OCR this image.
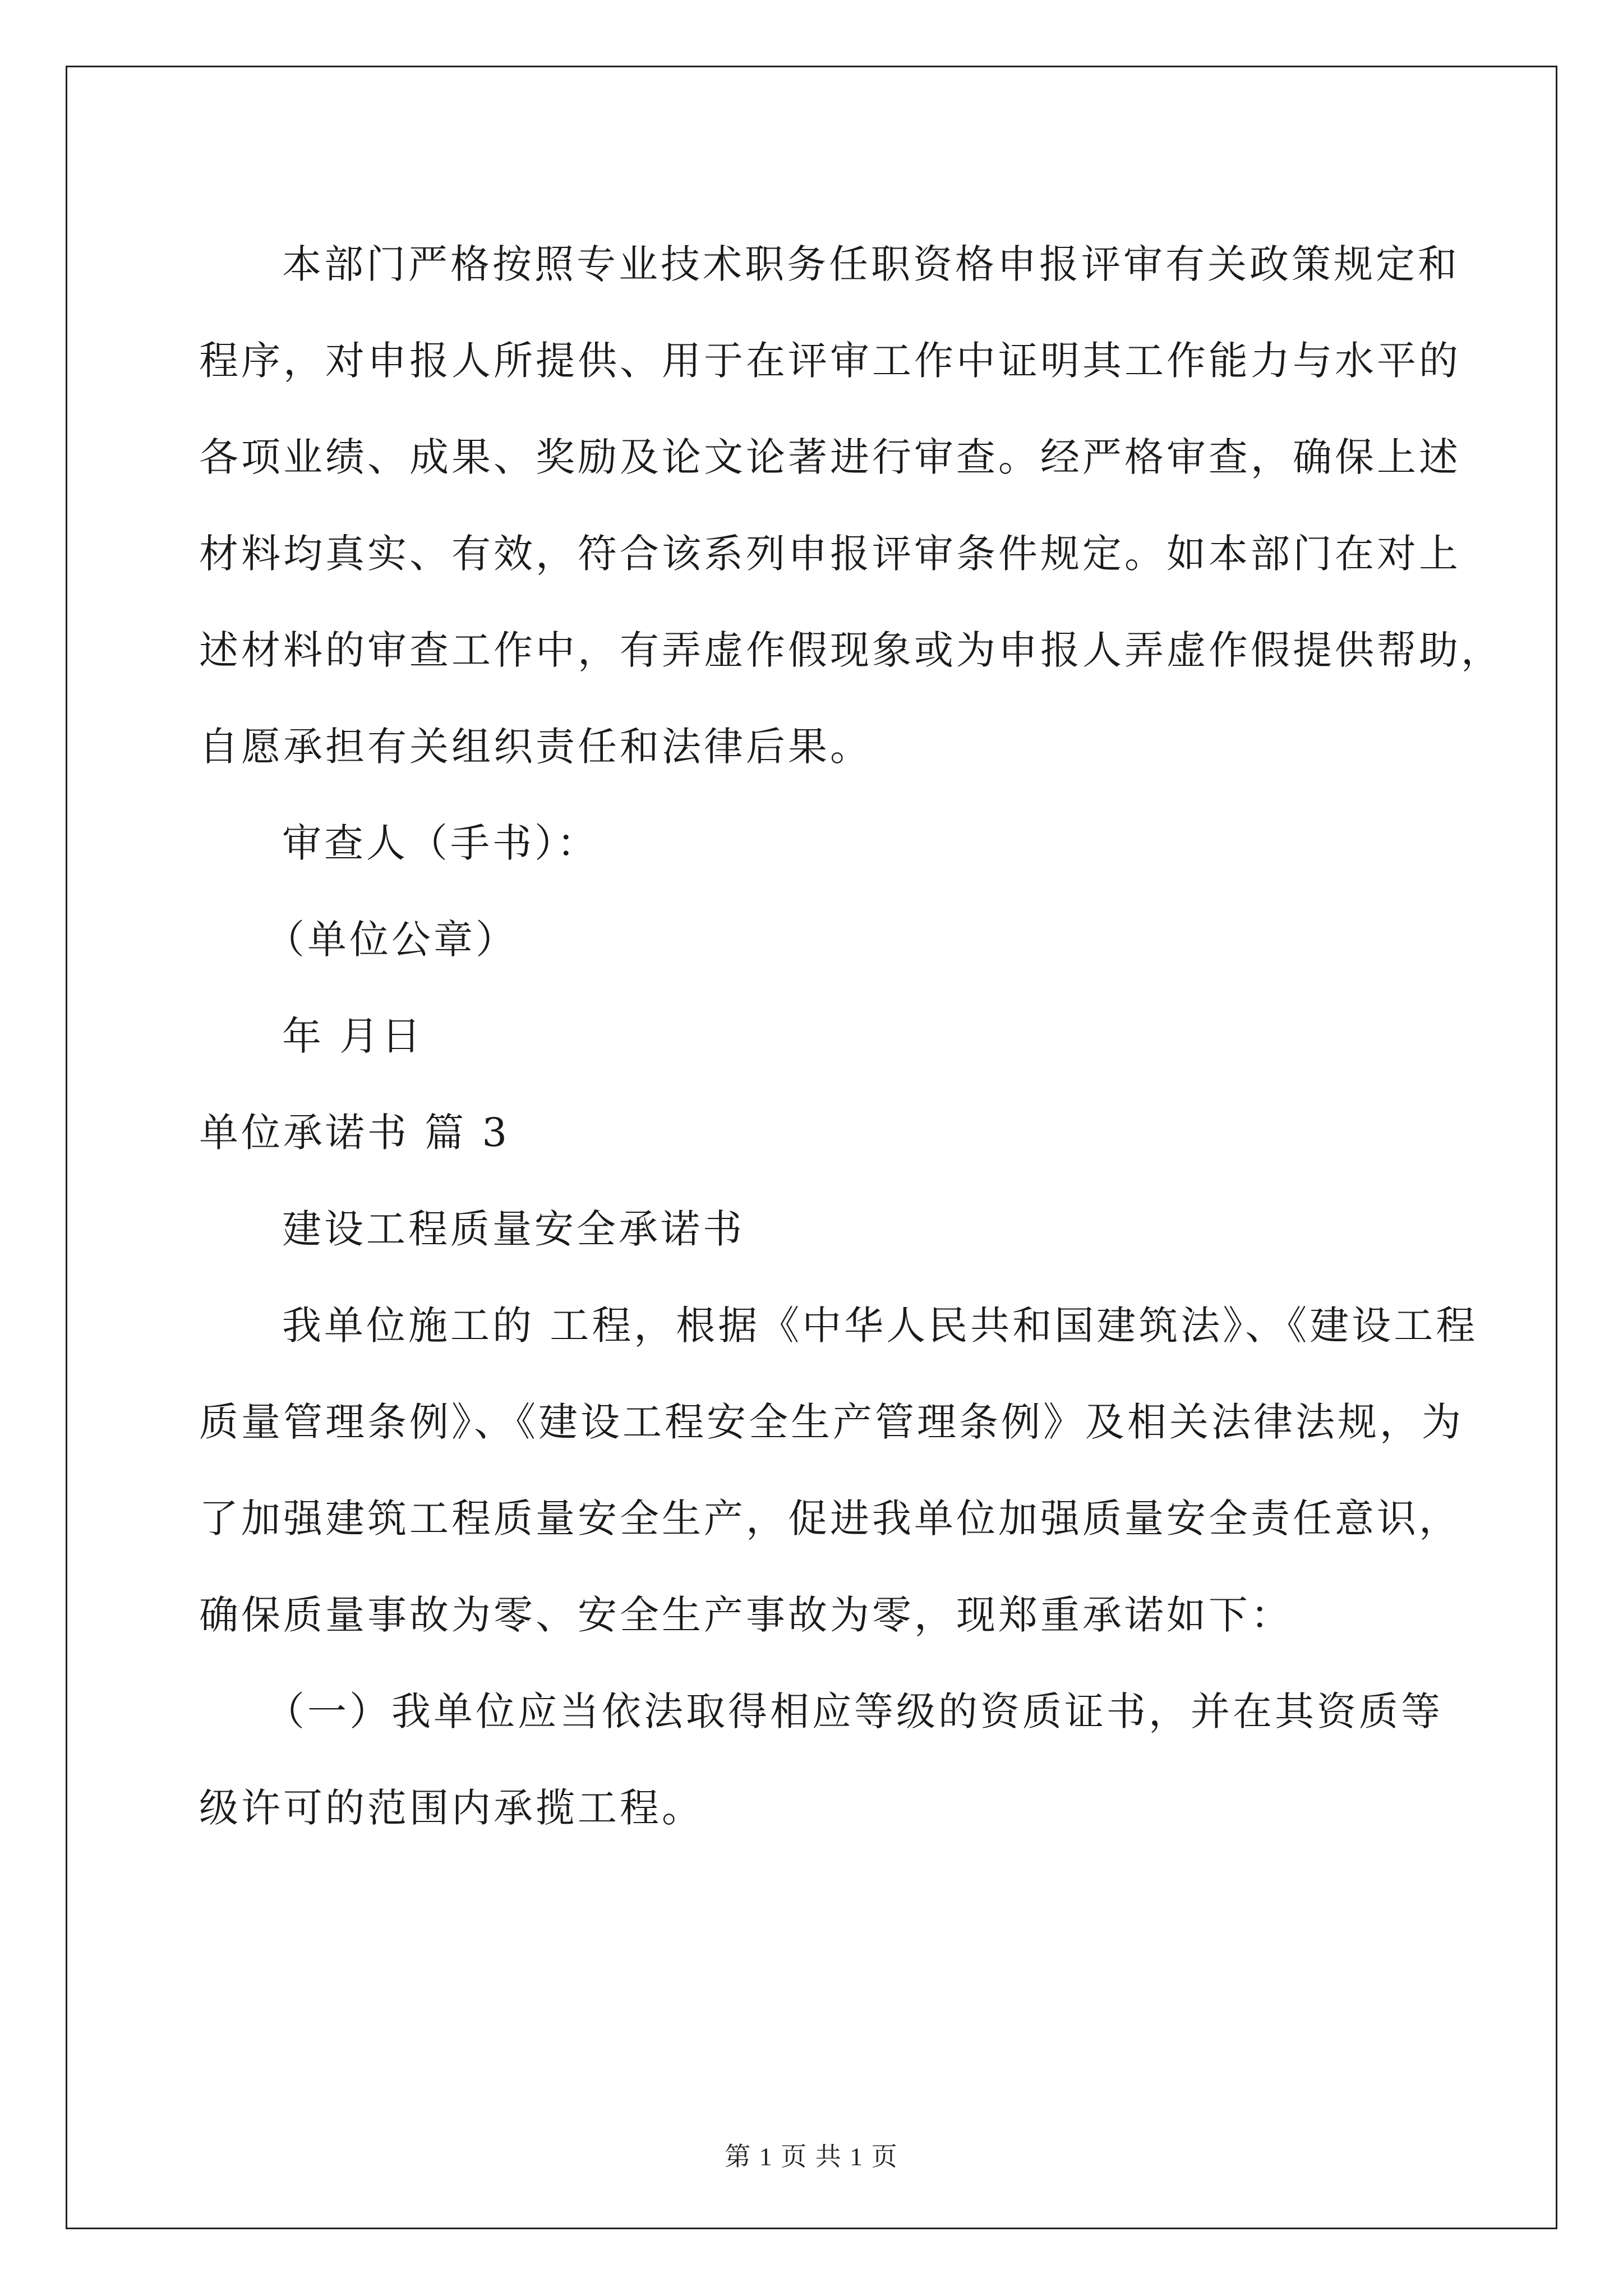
本部门严格按照专业技术职务任职资格申报评审有关政策规定和
程序，对申报人所提供、用于在评审工作中证明其工作能力与水平的
各项业绩、成果、奖励及论文论著进行审查。经严格审查，确保上述
材料均真实、有效，符合该系列申报评审条件规定。如本部门在对上
述材料的审查工作中，有弄虚作假现象或为申报人弄虚作假提供帮助，
自愿承担有关组织责任和法律后果。
审查人（手书）：
（单位公章）
年 月日
单位承诺书 篇 3
建设工程质量安全承诺书
我单位施工的 工程，根据《中华人民共和国建筑法》、《建设工程
质量管理条例》、《建设工程安全生产管理条例》及相关法律法规，为
了加强建筑工程质量安全生产，促进我单位加强质量安全责任意识，
确保质量事故为零、安全生产事故为零，现郑重承诺如下：
（一）我单位应当依法取得相应等级的资质证书，并在其资质等
级许可的范围内承揽工程。
第 1 页 共 1 页
